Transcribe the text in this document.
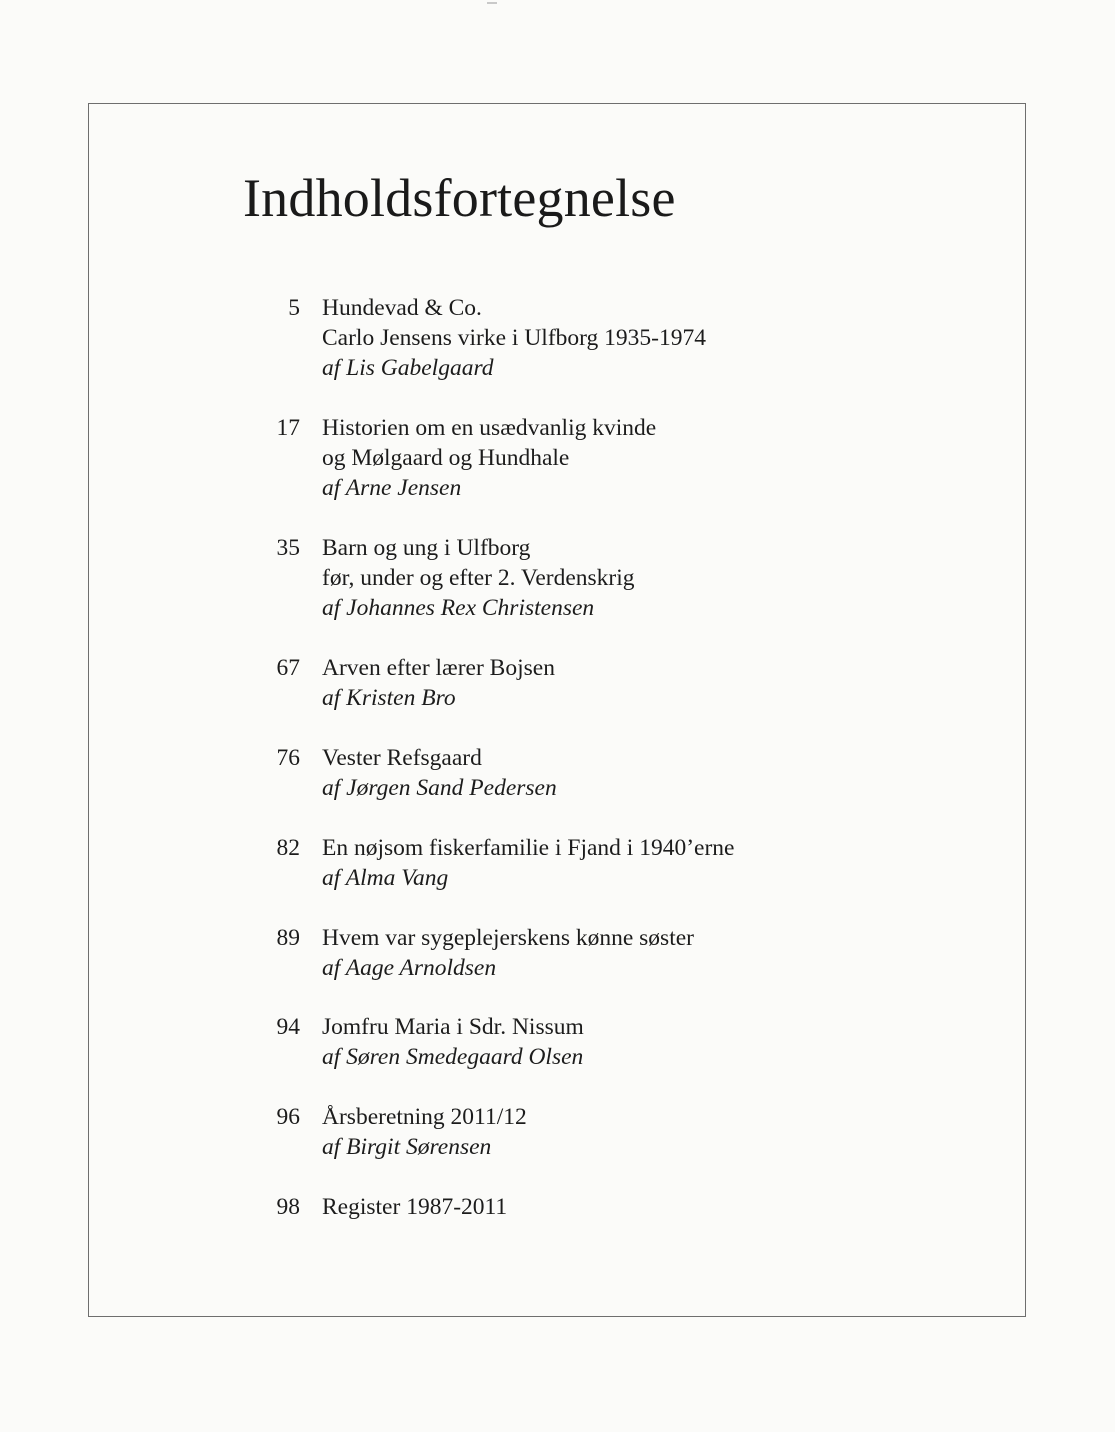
Indholdsfortegnelse
5 Hundevad & Co.
Carlo Jensens virke i Ulfborg 1935-1974
af Lis Gabelgaard
17 Historien om en usædvanlig kvinde
og Mølgaard og Hundhale
af Arne Jensen
35 Barn og ung i Ulfborg
før, under og efter 2. Verdenskrig
af Johannes Rex Christensen
67 Arven efter lærer Bojsen
af Kristen Bro
76 Vester Refsgaard
af Jørgen Sand Pedersen
82 En nøjsom fiskerfamilie i Fjand i 1940’erne
af Alma Vang
89 Hvem var sygeplejerskens kønne søster
af Aage Arnoldsen
94 Jomfru Maria i Sdr. Nissum
af Søren Smedegaard Olsen
96 Årsberetning 2011/12
af Birgit Sørensen
98 Register 1987-2011
